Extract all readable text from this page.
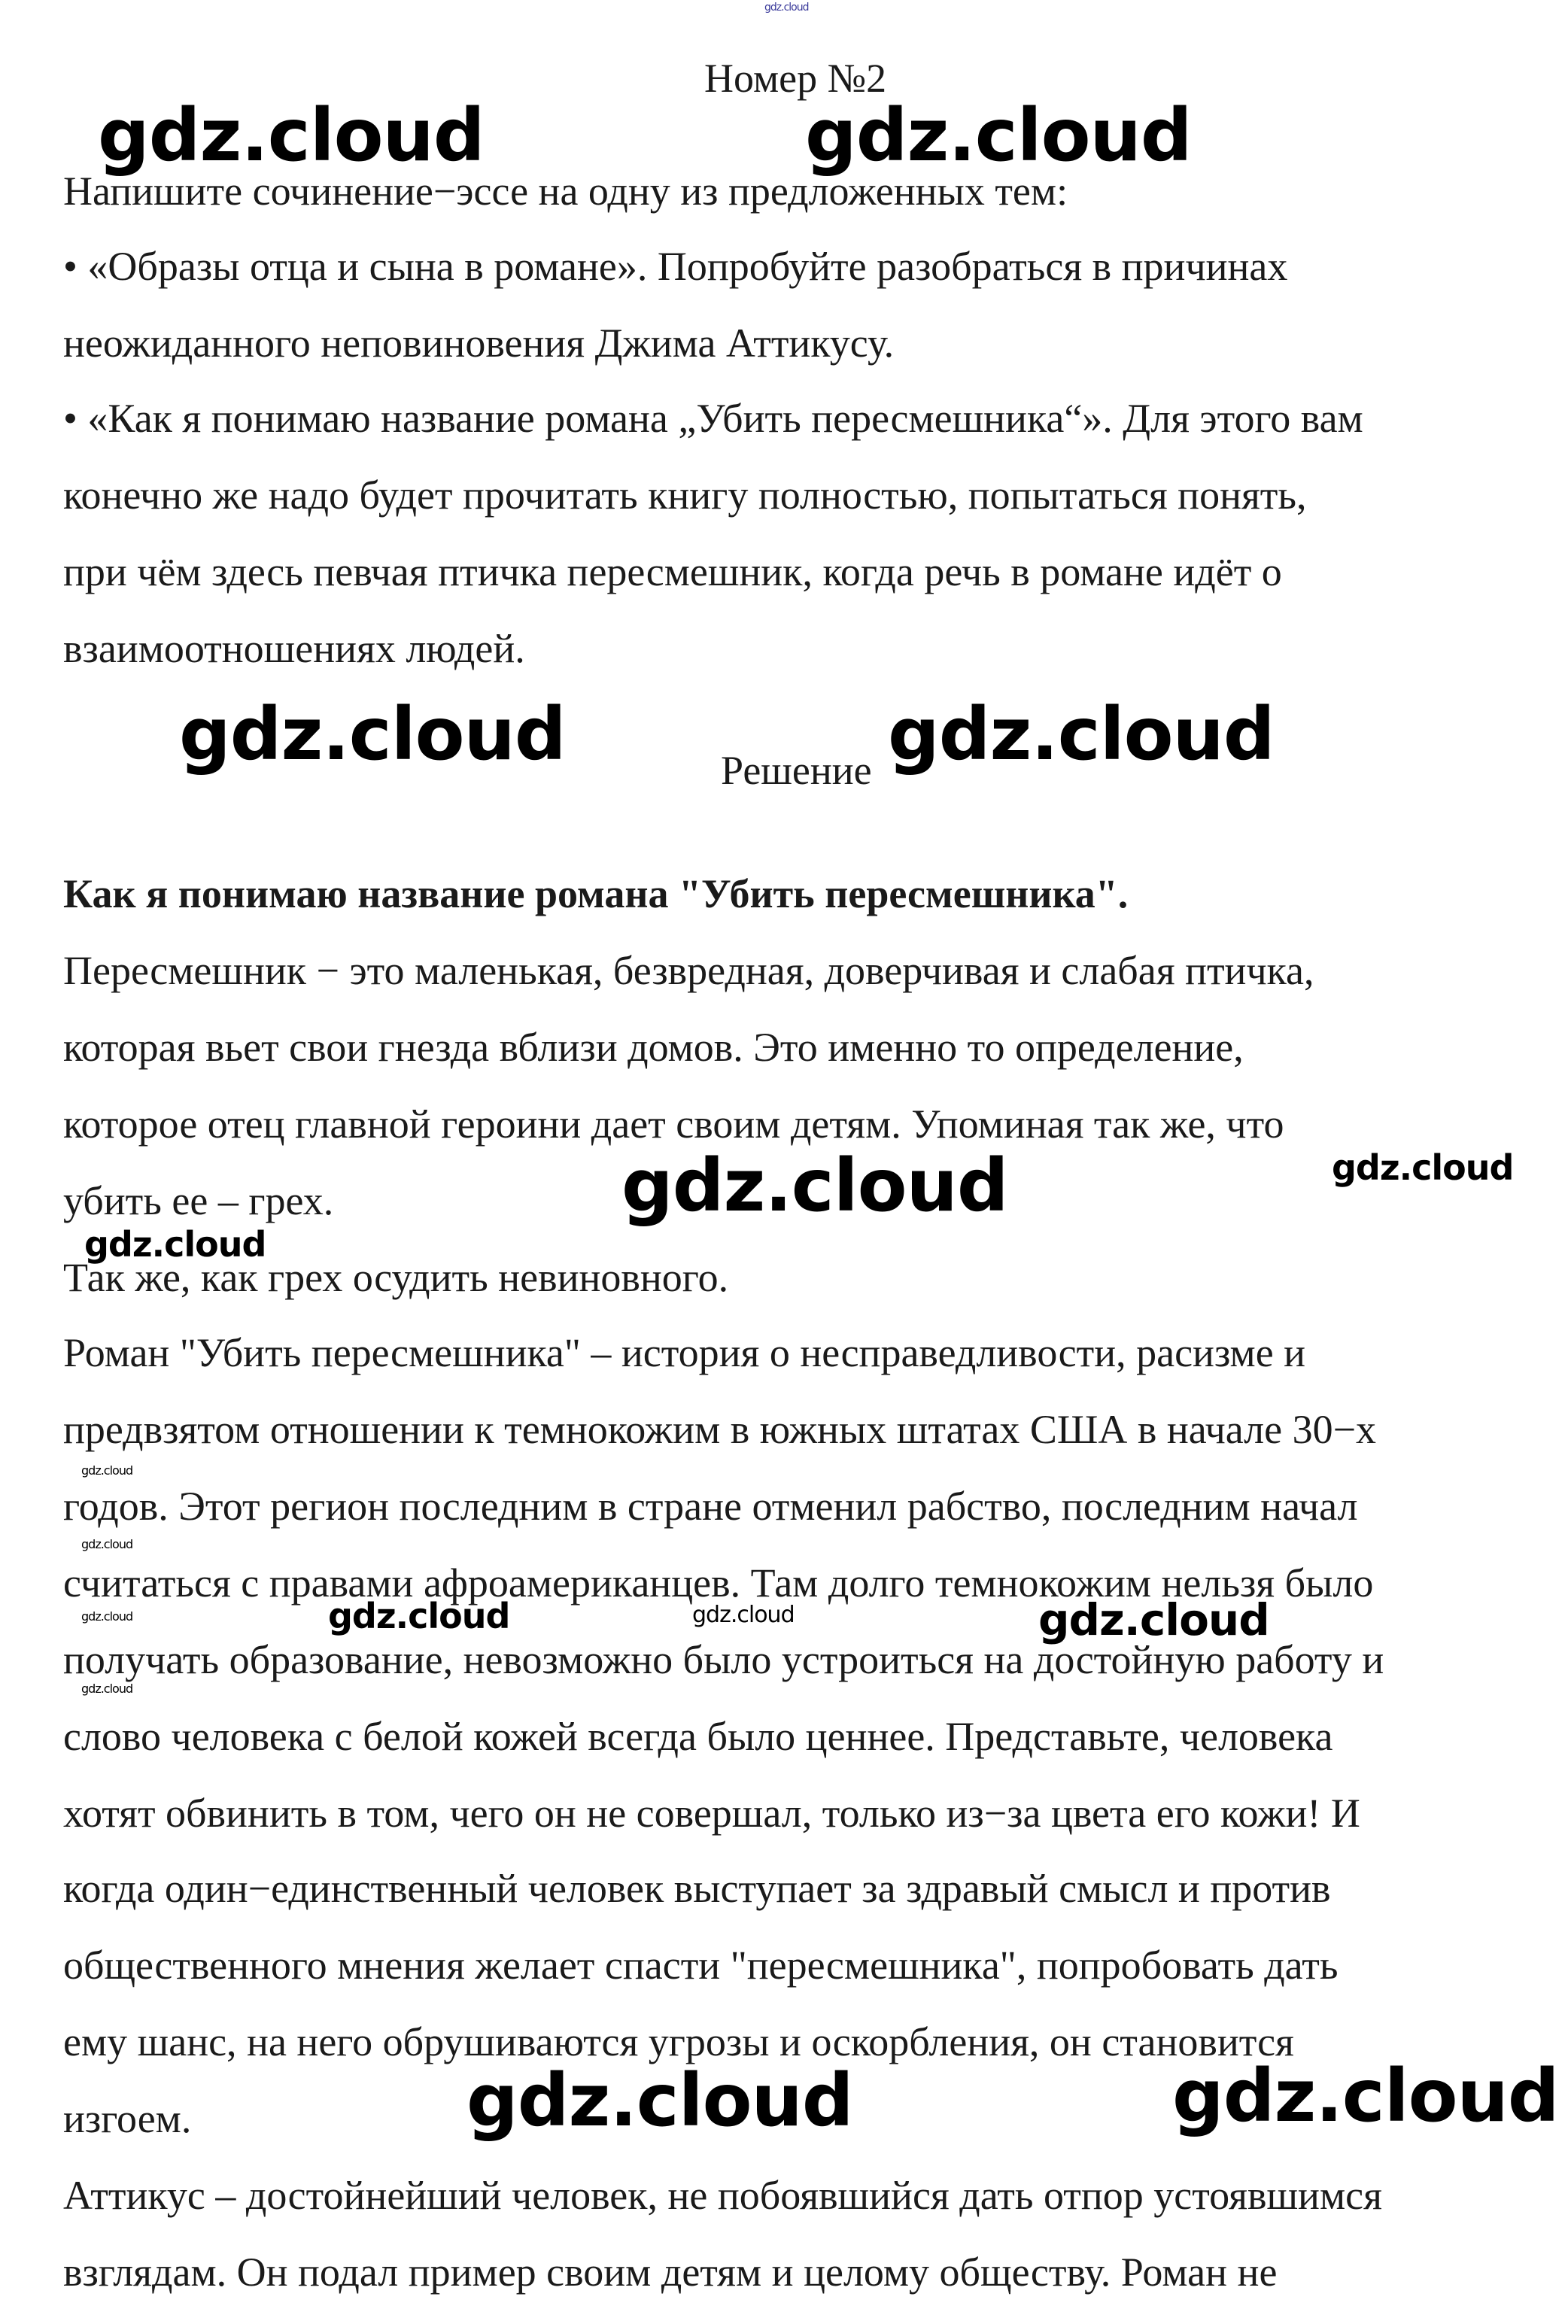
gdz.cloud
Номер №2

Напишите сочинение−эссе на одну из предложенных тем:

• «Образы отца и сына в романе». Попробуйте разобраться в причинах

неожиданного неповиновения Джима Аттикусу.

• «Как я понимаю название романа „Убить пересмешника“». Для этого вам

конечно же надо будет прочитать книгу полностью, попытаться понять,

при чём здесь певчая птичка пересмешник, когда речь в романе идёт о

взаимоотношениях людей.

Решение

Как я понимаю название романа "Убить пересмешника".

Пересмешник − это маленькая, безвредная, доверчивая и слабая птичка,

которая вьет свои гнезда вблизи домов. Это именно то определение,

которое отец главной героини дает своим детям. Упоминая так же, что

убить ее – грех.

Так же, как грех осудить невиновного.

Роман "Убить пересмешника" – история о несправедливости, расизме и

предвзятом отношении к темнокожим в южных штатах США в начале 30−х

годов. Этот регион последним в стране отменил рабство, последним начал

считаться с правами афроамериканцев. Там долго темнокожим нельзя было

получать образование, невозможно было устроиться на достойную работу и

слово человека с белой кожей всегда было ценнее. Представьте, человека

хотят обвинить в том, чего он не совершал, только из−за цвета его кожи! И

когда один−единственный человек выступает за здравый смысл и против

общественного мнения желает спасти "пересмешника", попробовать дать

ему шанс, на него обрушиваются угрозы и оскорбления, он становится

изгоем.

Аттикус – достойнейший человек, не побоявшийся дать отпор устоявшимся

взглядам. Он подал пример своим детям и целому обществу. Роман не

gdz.cloud	gdz.cloud
gdz.cloud	gdz.cloud
gdz.cloud
gdz.cloud	gdz.cloud
gdz.cloud
gdz.cloud
gdz.cloud	gdz.cloud
gdz.cloud
gdz.cloud
gdz.cloud
gdz.cloud
gdz.cloud
